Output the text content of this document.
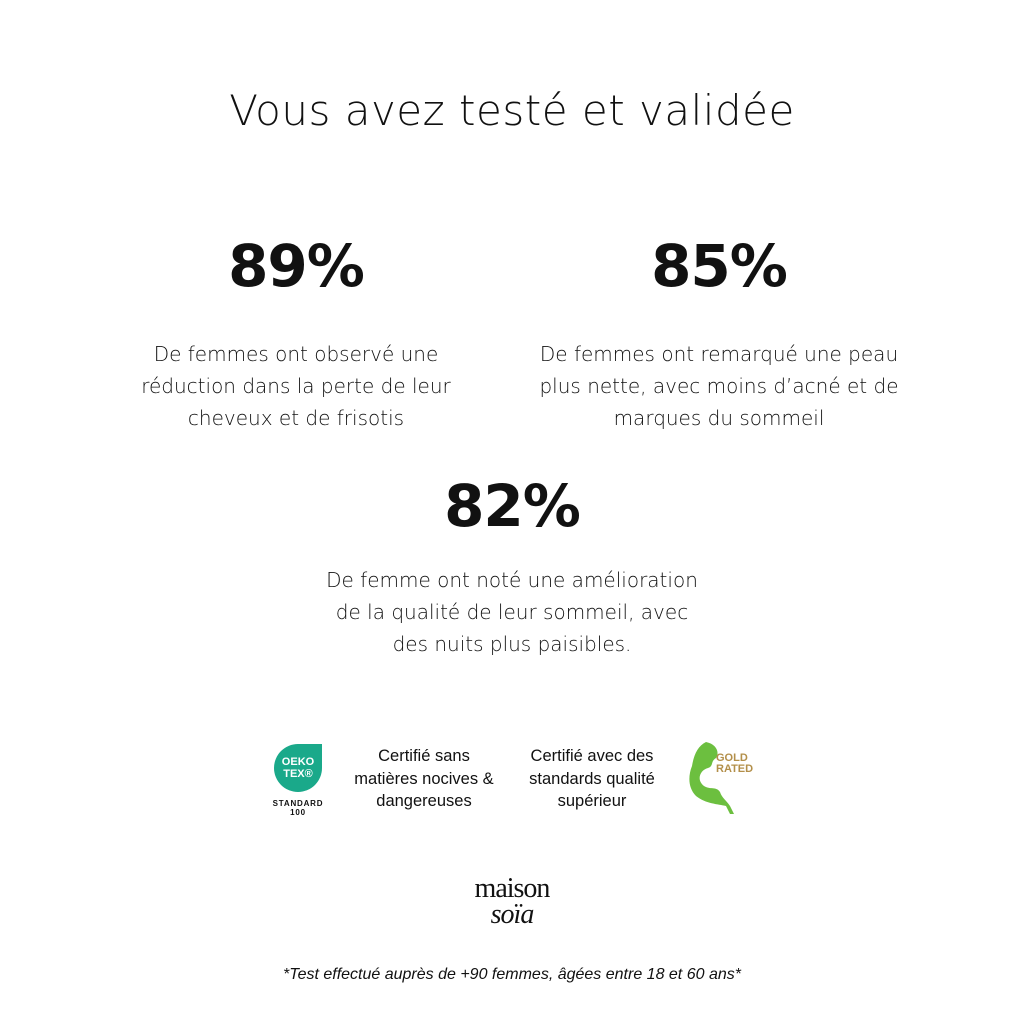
Vous avez testé et validée
89%
De femmes ont observé une
réduction dans la perte de leur
cheveux et de frisotis
85%
De femmes ont remarqué une peau
plus nette, avec moins d’acné et de
marques du sommeil
82%
De femme ont noté une amélioration
de la qualité de leur sommeil, avec
des nuits plus paisibles.
OEKO
TEX®
STANDARD
100
Certifié sans
matières nocives &
dangereuses
Certifié avec des
standards qualité
supérieur
GOLD
RATED
maison
soïa
*Test effectué auprès de +90 femmes, âgées entre 18 et 60 ans*
